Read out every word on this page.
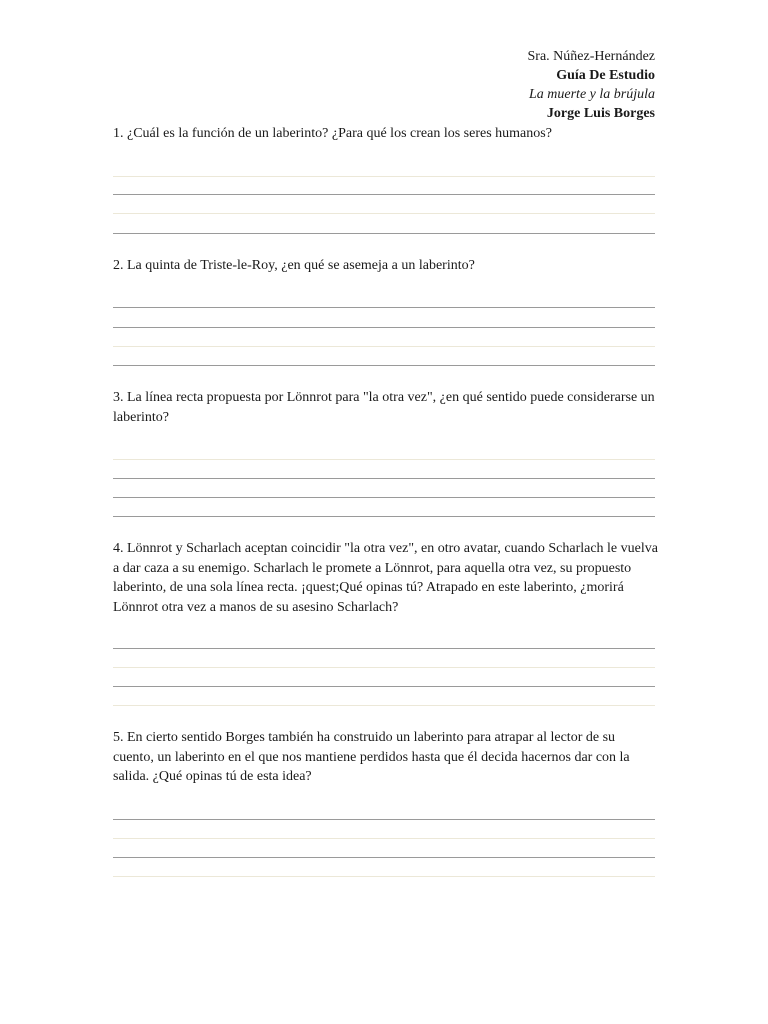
Sra. Núñez-Hernández
Guía De Estudio
La muerte y la brújula
Jorge Luis Borges
1. ¿Cuál es la función de un laberinto? ¿Para qué los crean los seres humanos?
2. La quinta de Triste-le-Roy, ¿en qué se asemeja a un laberinto?
3. La línea recta propuesta por Lönnrot para "la otra vez", ¿en qué sentido puede considerarse un laberinto?
4. Lönnrot y Scharlach aceptan coincidir "la otra vez", en otro avatar, cuando Scharlach le vuelva a dar caza a su enemigo. Scharlach le promete a Lönnrot, para aquella otra vez, su propuesto laberinto, de una sola línea recta. ¡quest;Qué opinas tú? Atrapado en este laberinto, ¿morirá Lönnrot otra vez a manos de su asesino Scharlach?
5. En cierto sentido Borges también ha construido un laberinto para atrapar al lector de su cuento, un laberinto en el que nos mantiene perdidos hasta que él decida hacernos dar con la salida. ¿Qué opinas tú de esta idea?
